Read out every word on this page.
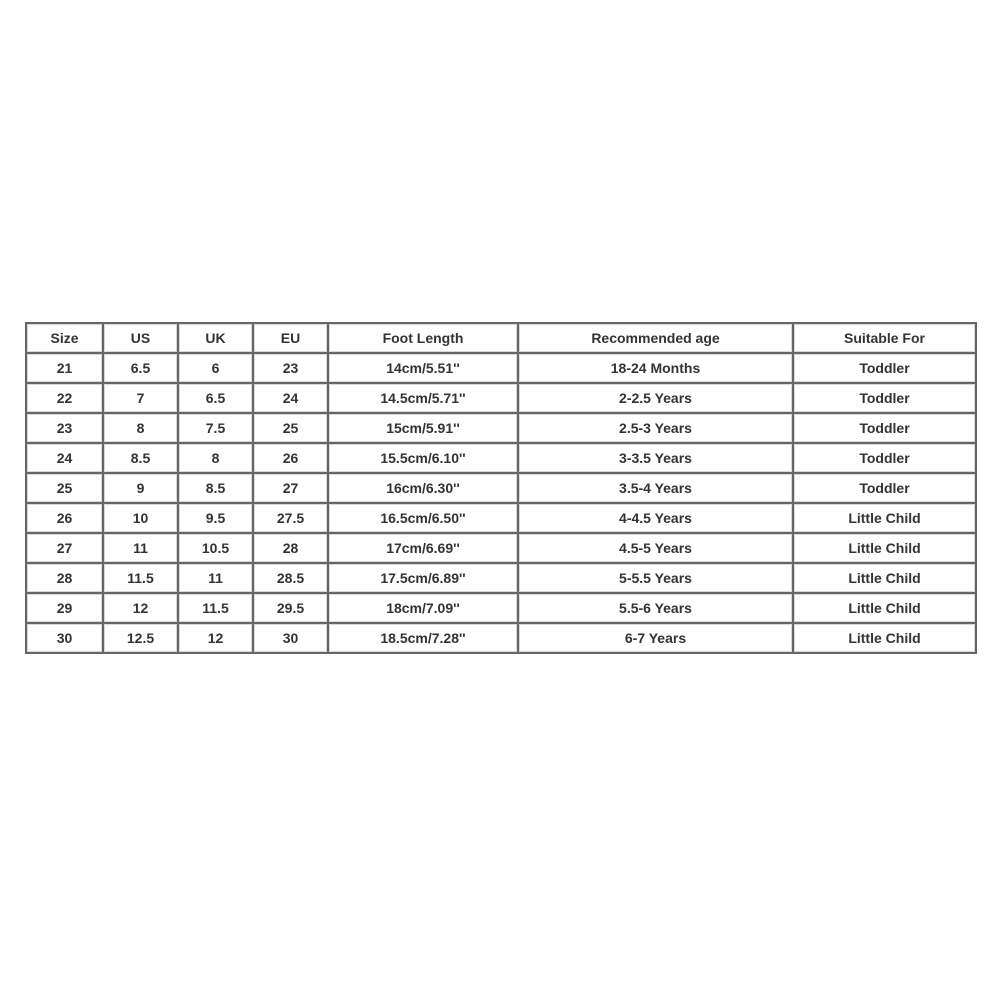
Size	US	UK	EU	Foot Length	Recommended age	Suitable For
21	6.5	6	23	14cm/5.51''	18-24 Months	Toddler
22	7	6.5	24	14.5cm/5.71''	2-2.5 Years	Toddler
23	8	7.5	25	15cm/5.91''	2.5-3 Years	Toddler
24	8.5	8	26	15.5cm/6.10''	3-3.5 Years	Toddler
25	9	8.5	27	16cm/6.30''	3.5-4 Years	Toddler
26	10	9.5	27.5	16.5cm/6.50''	4-4.5 Years	Little Child
27	11	10.5	28	17cm/6.69''	4.5-5 Years	Little Child
28	11.5	11	28.5	17.5cm/6.89''	5-5.5 Years	Little Child
29	12	11.5	29.5	18cm/7.09''	5.5-6 Years	Little Child
30	12.5	12	30	18.5cm/7.28''	6-7 Years	Little Child
